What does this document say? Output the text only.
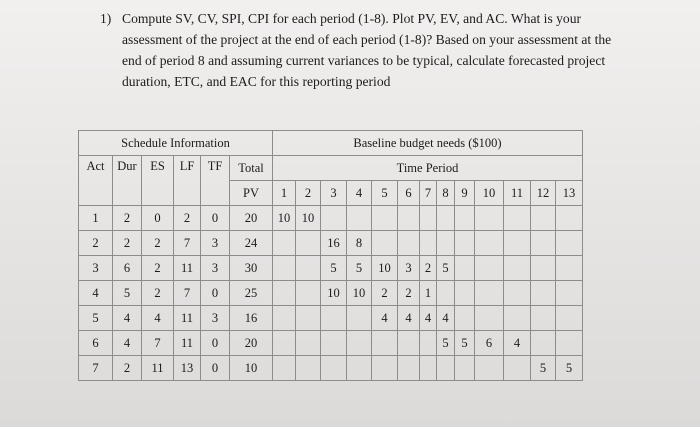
1) Compute SV, CV, SPI, CPI for each period (1-8). Plot PV, EV, and AC. What is your
assessment of the project at the end of each period (1-8)? Based on your assessment at the
end of period 8 and assuming current variances to be typical, calculate forecasted project
duration, ETC, and EAC for this reporting period
Schedule Information						Baseline budget needs ($100)												
Act	Dur	ES	LF	TF	Total	Time Period												
					PV	1	2	3	4	5	6	7	8	9	10	11	12	13
1	2	0	2	0	20	10	10											
2	2	2	7	3	24			16	8									
3	6	2	11	3	30			5	5	10	3	2	5					
4	5	2	7	0	25			10	10	2	2	1						
5	4	4	11	3	16					4	4	4	4					
6	4	7	11	0	20								5	5	6	4		
7	2	11	13	0	10												5	5
